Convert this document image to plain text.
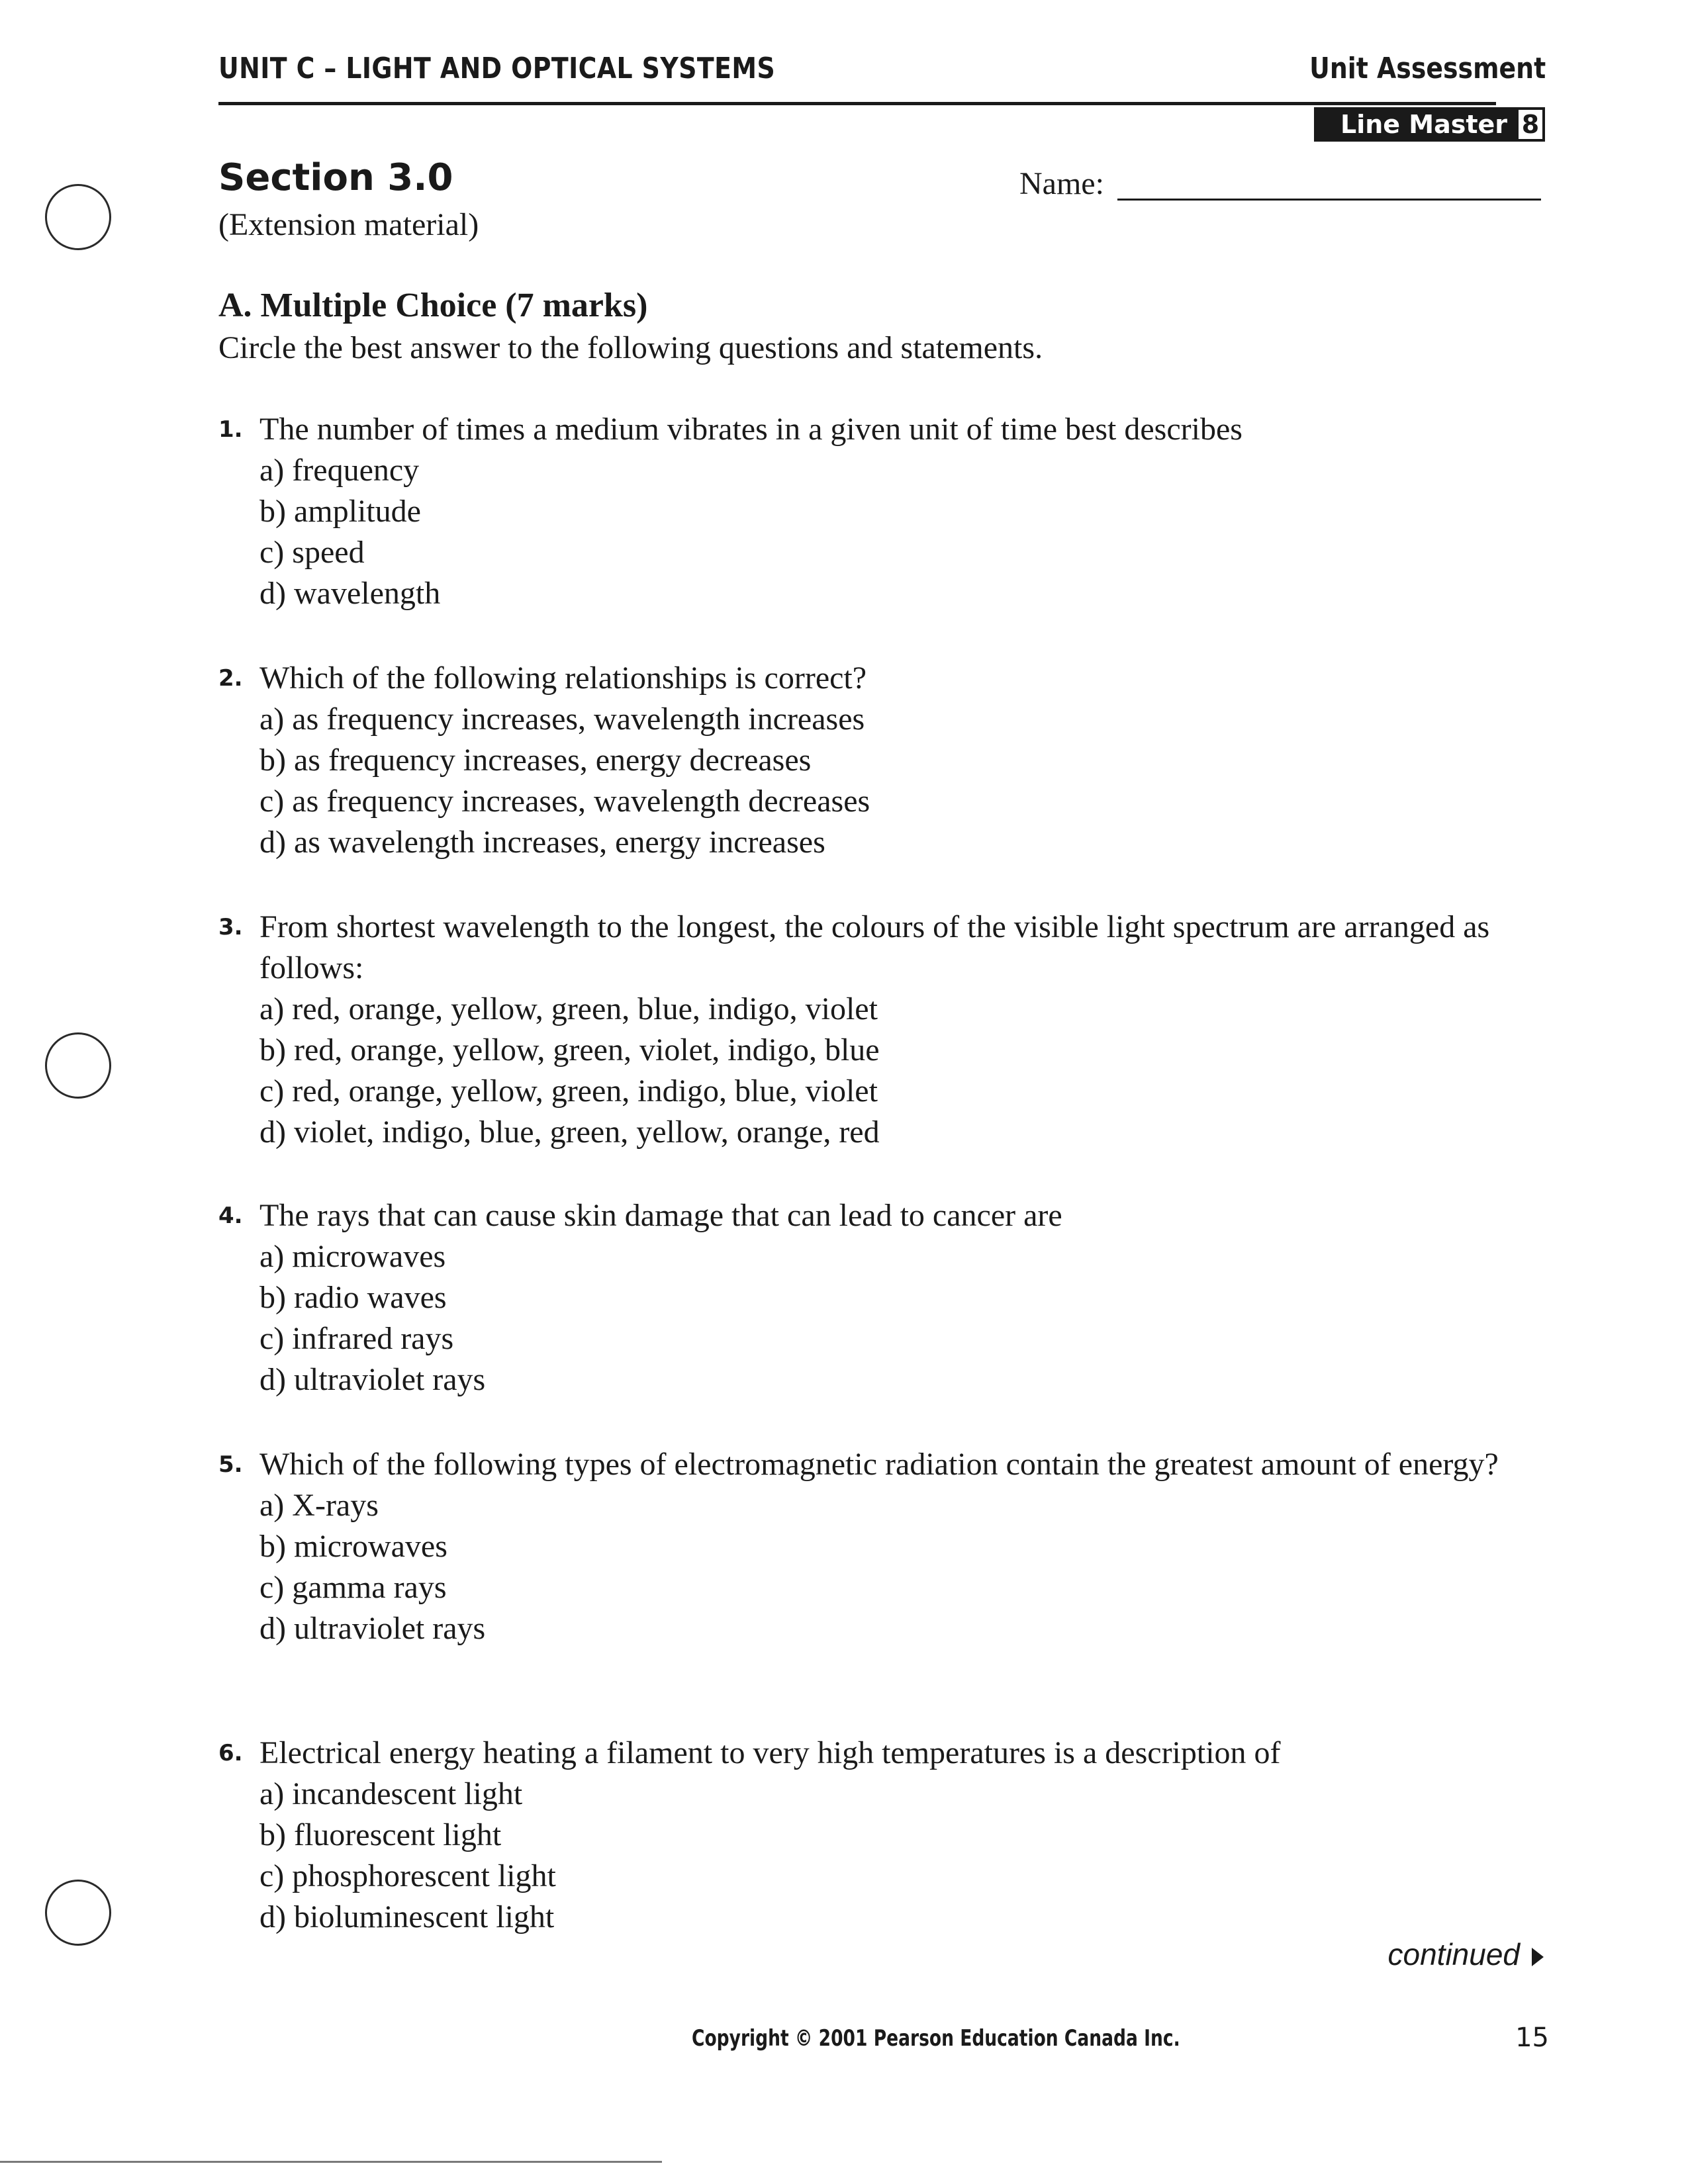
UNIT C – LIGHT AND OPTICAL SYSTEMS	Unit Assessment
Line Master 8
Section 3.0
(Extension material)
Name:
A. Multiple Choice (7 marks)
Circle the best answer to the following questions and statements.
1. The number of times a medium vibrates in a given unit of time best describes
a) frequency
b) amplitude
c) speed
d) wavelength
2. Which of the following relationships is correct?
a) as frequency increases, wavelength increases
b) as frequency increases, energy decreases
c) as frequency increases, wavelength decreases
d) as wavelength increases, energy increases
3. From shortest wavelength to the longest, the colours of the visible light spectrum are arranged as follows:
a) red, orange, yellow, green, blue, indigo, violet
b) red, orange, yellow, green, violet, indigo, blue
c) red, orange, yellow, green, indigo, blue, violet
d) violet, indigo, blue, green, yellow, orange, red
4. The rays that can cause skin damage that can lead to cancer are
a) microwaves
b) radio waves
c) infrared rays
d) ultraviolet rays
5. Which of the following types of electromagnetic radiation contain the greatest amount of energy?
a) X-rays
b) microwaves
c) gamma rays
d) ultraviolet rays
6. Electrical energy heating a filament to very high temperatures is a description of
a) incandescent light
b) fluorescent light
c) phosphorescent light
d) bioluminescent light
continued
Copyright © 2001 Pearson Education Canada Inc.	15
